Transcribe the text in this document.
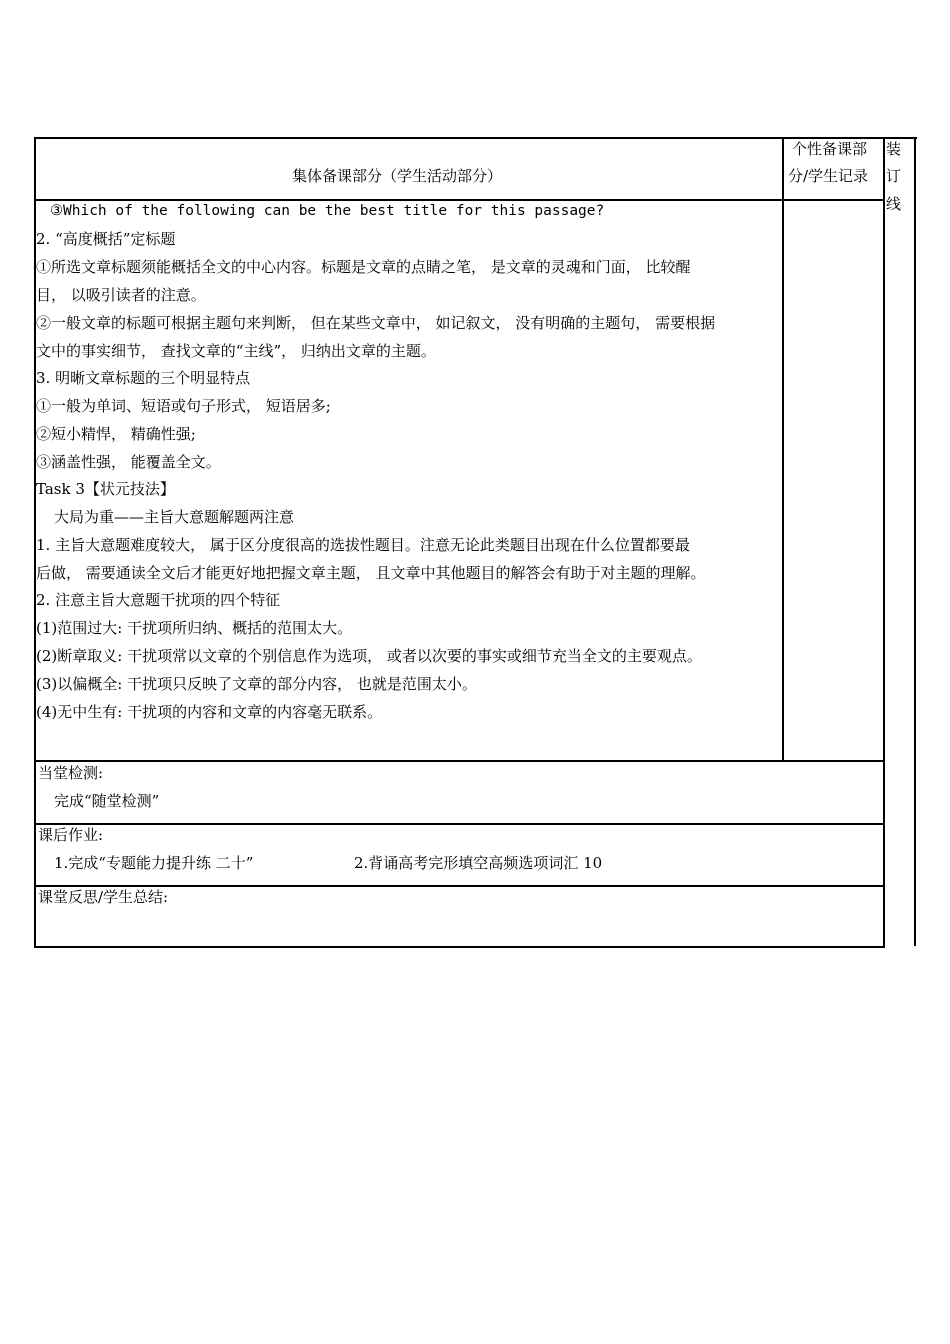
集体备课部分（学生活动部分）
个性备课部
分/学生记录
装
订
线
③Which of the following can be the best title for this passage?
2. “高度概括”定标题
①所选文章标题须能概括全文的中心内容。标题是文章的点睛之笔， 是文章的灵魂和门面， 比较醒
目， 以吸引读者的注意。
②一般文章的标题可根据主题句来判断， 但在某些文章中， 如记叙文， 没有明确的主题句， 需要根据
文中的事实细节， 查找文章的“主线”， 归纳出文章的主题。
3. 明晰文章标题的三个明显特点
①一般为单词、短语或句子形式， 短语居多;
②短小精悍， 精确性强;
③涵盖性强， 能覆盖全文。
Task 3【状元技法】
大局为重——主旨大意题解题两注意
1. 主旨大意题难度较大， 属于区分度很高的选拔性题目。注意无论此类题目出现在什么位置都要最
后做， 需要通读全文后才能更好地把握文章主题， 且文章中其他题目的解答会有助于对主题的理解。
2. 注意主旨大意题干扰项的四个特征
(1)范围过大: 干扰项所归纳、概括的范围太大。
(2)断章取义: 干扰项常以文章的个别信息作为选项， 或者以次要的事实或细节充当全文的主要观点。
(3)以偏概全: 干扰项只反映了文章的部分内容， 也就是范围太小。
(4)无中生有: 干扰项的内容和文章的内容毫无联系。
当堂检测:
完成“随堂检测”
课后作业:
1.完成“专题能力提升练 二十”	2.背诵高考完形填空高频选项词汇 10
课堂反思/学生总结:
